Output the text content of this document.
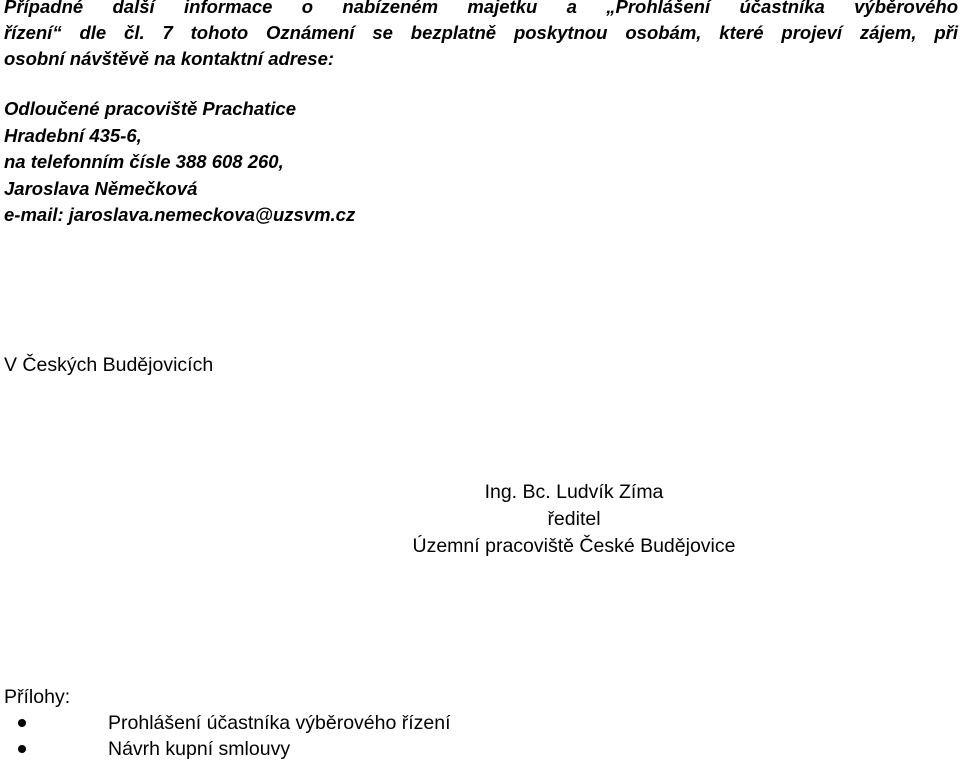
Případné další informace o nabízeném majetku a „Prohlášení účastníka výběrového
řízení“ dle čl. 7 tohoto Oznámení se bezplatně poskytnou osobám, které projeví zájem, při
osobní návštěvě na kontaktní adrese:
Odloučené pracoviště Prachatice
Hradební 435-6,
na telefonním čísle 388 608 260,
Jaroslava Němečková
e-mail: jaroslava.nemeckova@uzsvm.cz
V Českých Budějovicích
Ing. Bc. Ludvík Zíma
ředitel
Územní pracoviště České Budějovice
Přílohy:
Prohlášení účastníka výběrového řízení
Návrh kupní smlouvy
